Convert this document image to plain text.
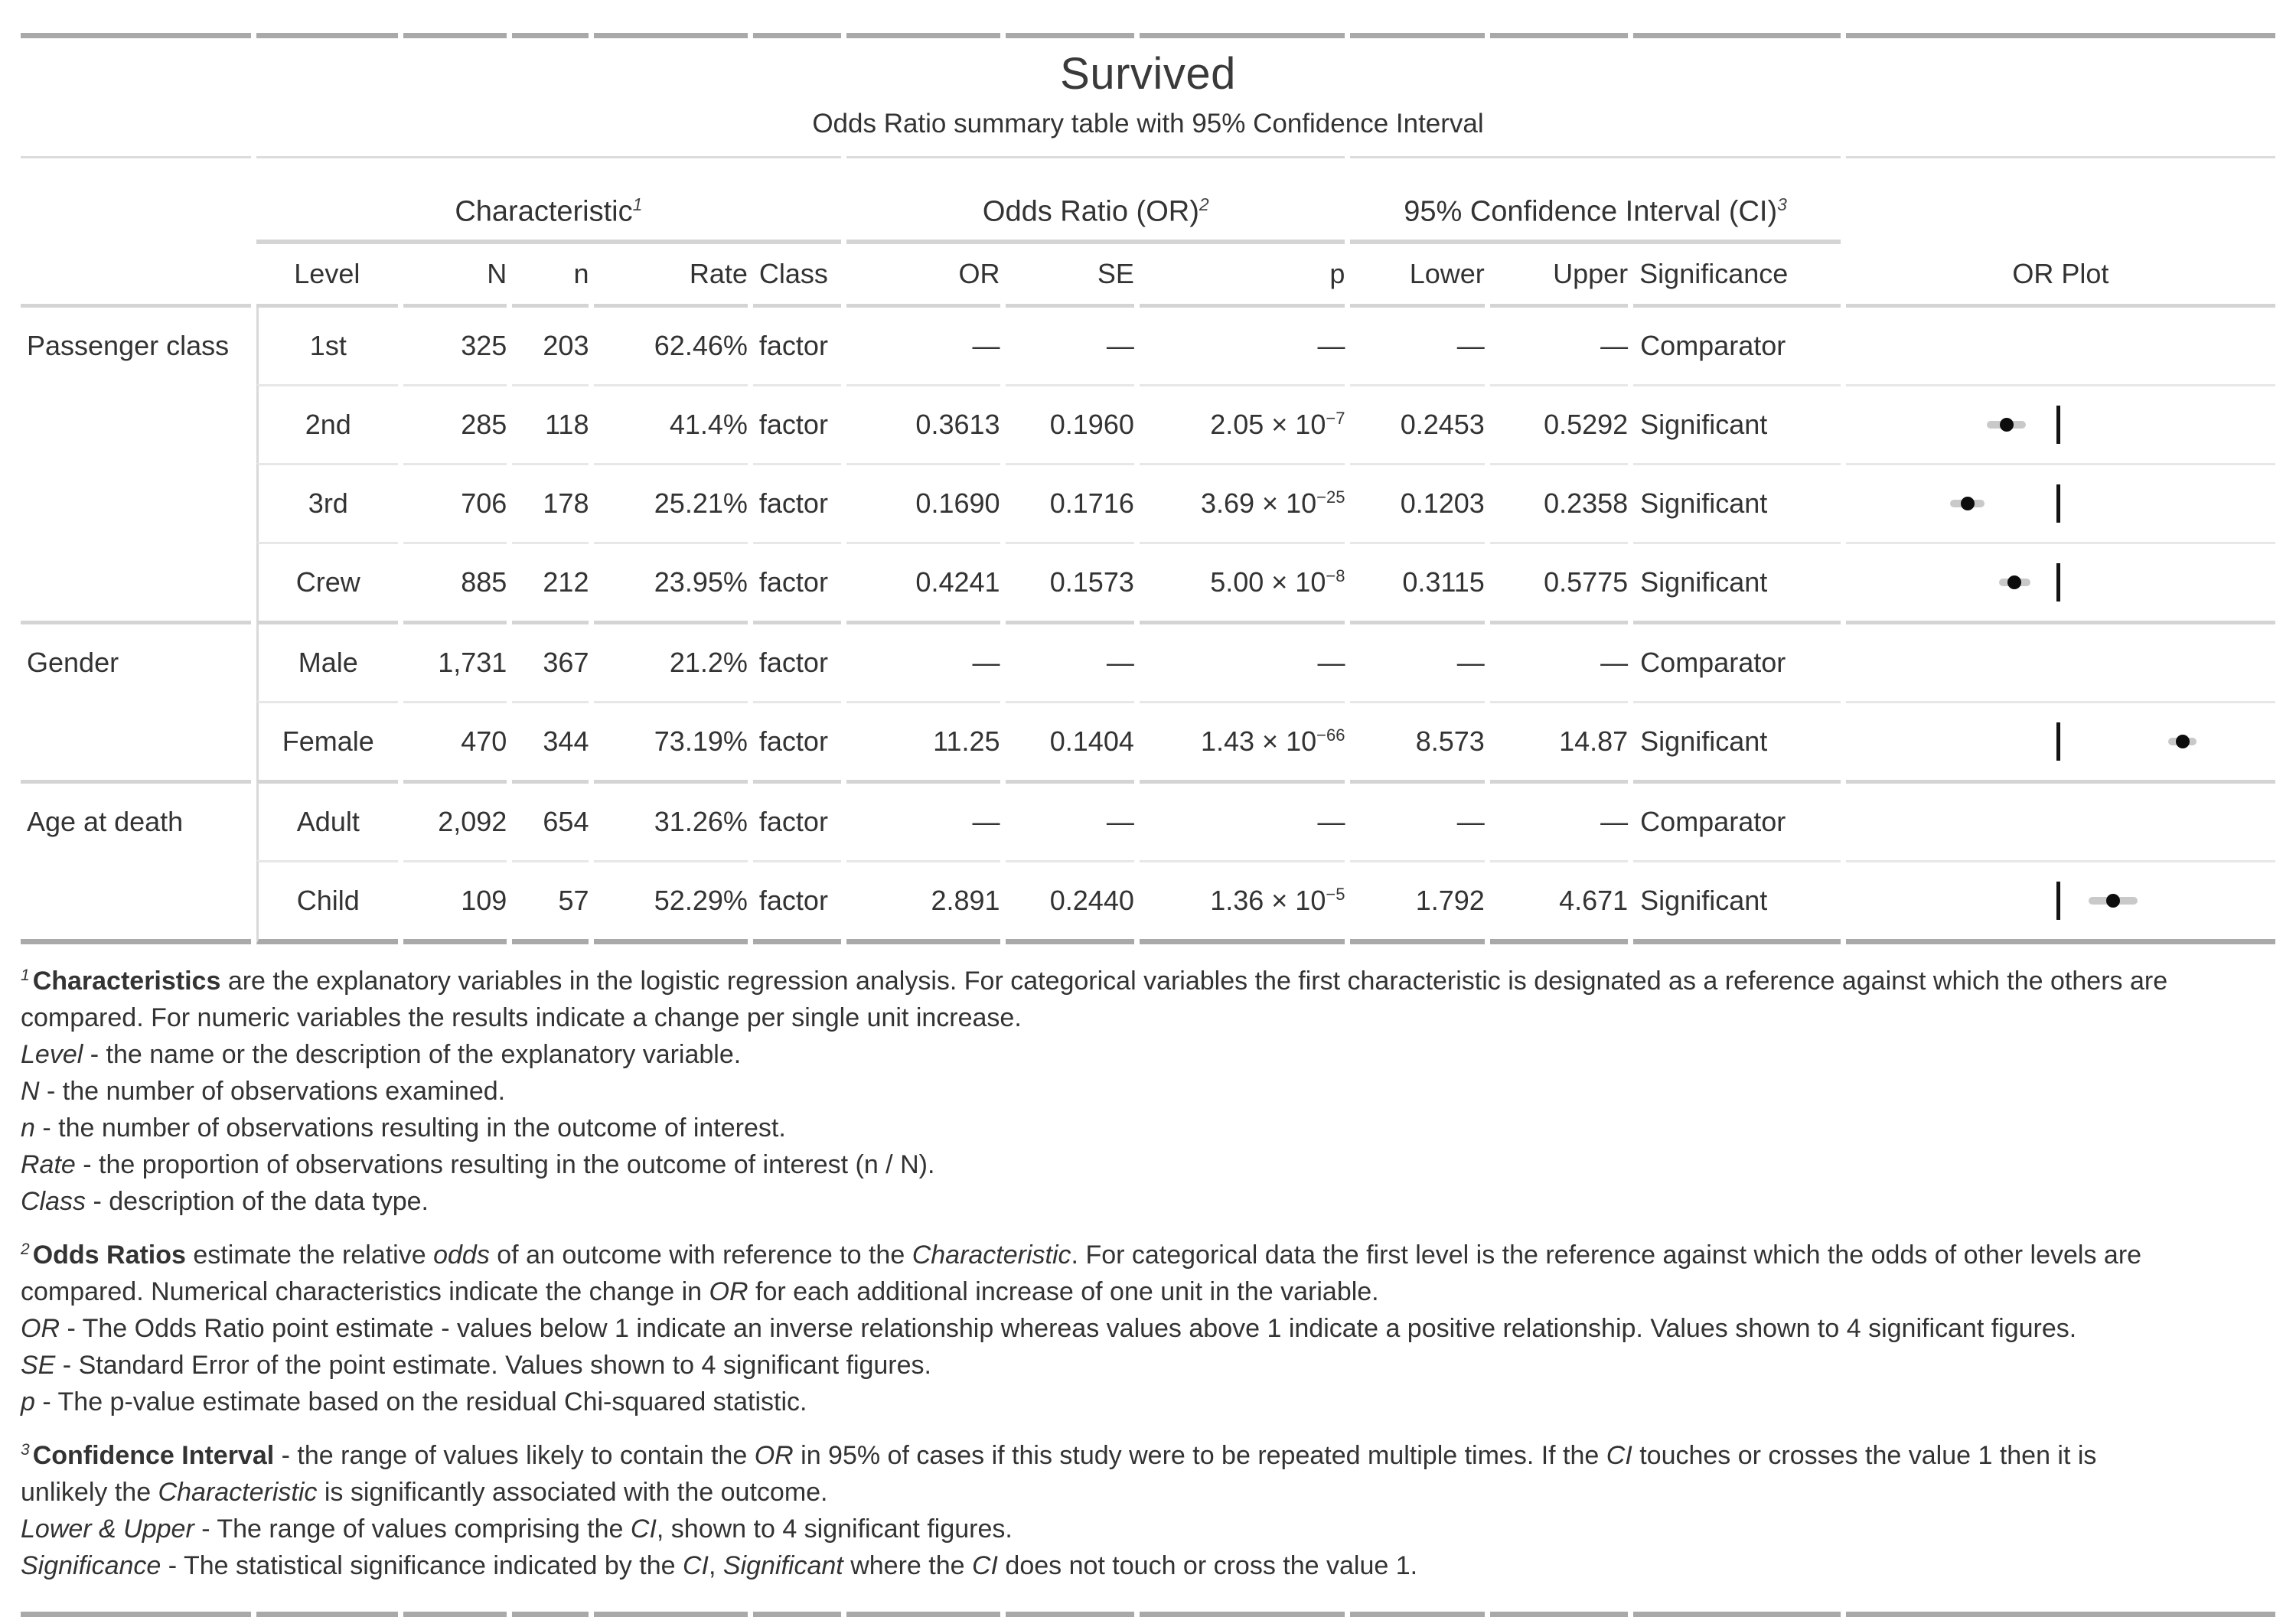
Survived												

Odds Ratio summary table with 95% Confidence Interval												

	Characteristic$^1$					Odds Ratio (OR)$^2$			95% Confidence Interval (CI)$^3$	
	Level	N	n	Rate	Class	OR	SE	p	Lower	Upper	Significance	OR Plot
Passenger class	1st	325	203	62.46%	factor	—	—	—	—	—	Comparator	
	2nd	285	118	41.4%	factor	0.3613	0.1960	$2.05 \times 10^{-7}$	0.2453	0.5292	Significant	

	3rd	706	178	25.21%	factor	0.1690	0.1716	$3.69 \times 10^{-25}$	0.1203	0.2358	Significant	

	Crew	885	212	23.95%	factor	0.4241	0.1573	$5.00 \times 10^{-8}$	0.3115	0.5775	Significant	

Gender	Male	1,731	367	21.2%	factor	—	—	—	—	—	Comparator	
	Female	470	344	73.19%	factor	11.25	0.1404	$1.43 \times 10^{-66}$	8.573	14.87	Significant	

Age at death	Adult	2,092	654	31.26%	factor	—	—	—	—	—	Comparator	
	Child	109	57	52.29%	factor	2.891	0.2440	$1.36 \times 10^{-5}$	1.792	4.671	Significant	

$^1$ Characteristics are the explanatory variables in the logistic regression analysis. For categorical variables the first characteristic is designated as a reference against which the others are
compared. For numeric variables the results indicate a change per single unit increase.
Level - the name or the description of the explanatory variable.
N - the number of observations examined.
n - the number of observations resulting in the outcome of interest.
Rate - the proportion of observations resulting in the outcome of interest (n / N).
Class - description of the data type.
$^2$ Odds Ratios estimate the relative odds of an outcome with reference to the Characteristic. For categorical data the first level is the reference against which the odds of other levels are
compared. Numerical characteristics indicate the change in OR for each additional increase of one unit in the variable.
OR - The Odds Ratio point estimate - values below 1 indicate an inverse relationship whereas values above 1 indicate a positive relationship. Values shown to 4 significant figures.
SE - Standard Error of the point estimate. Values shown to 4 significant figures.
p - The p-value estimate based on the residual Chi-squared statistic.
$^3$ Confidence Interval - the range of values likely to contain the OR in 95% of cases if this study were to be repeated multiple times. If the CI touches or crosses the value 1 then it is
unlikely the Characteristic is significantly associated with the outcome.
Lower & Upper - The range of values comprising the CI, shown to 4 significant figures.
Significance - The statistical significance indicated by the CI, Significant where the CI does not touch or cross the value 1.
